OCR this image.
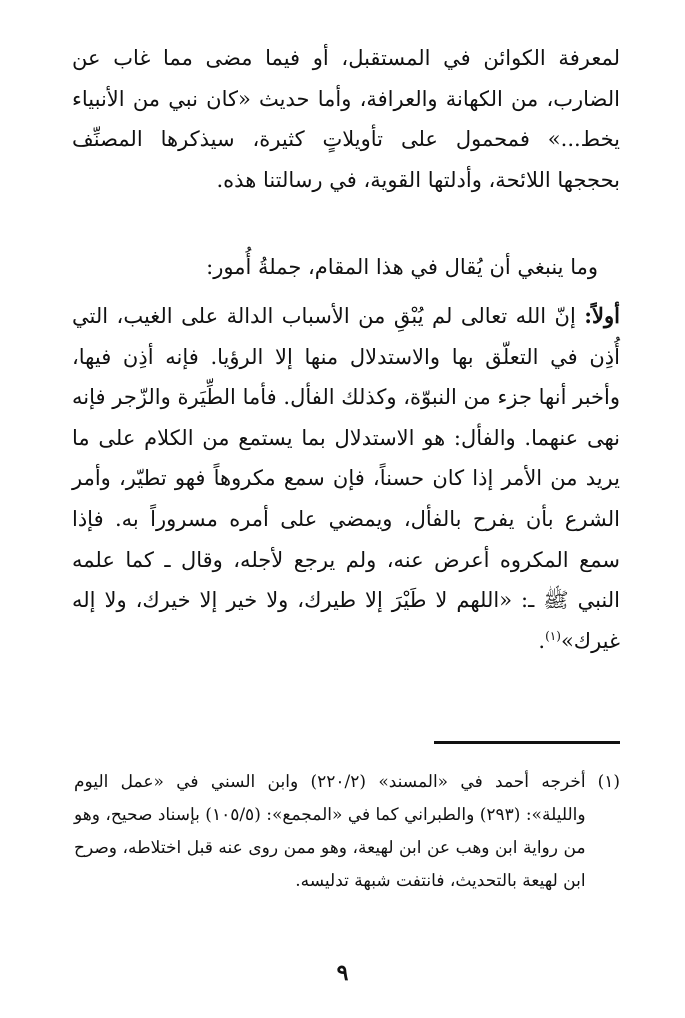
لمعرفة الكوائن في المستقبل، أو فيما مضى مما غاب عن الضارب، من الكهانة والعرافة، وأما حديث «كان نبي من الأنبياء يخط...» فمحمول على تأويلاتٍ كثيرة، سيذكرها المصنِّف بحججها اللائحة، وأدلتها القوية، في رسالتنا هذه.

وما ينبغي أن يُقال في هذا المقام، جملةُ أُمور:

أولاً: إنّ الله تعالى لم يُبْقِ من الأسباب الدالة على الغيب، التي أُذِن في التعلّق بها والاستدلال منها إلا الرؤيا. فإنه أذِن فيها، وأخبر أنها جزء من النبوّة، وكذلك الفأل. فأما الطِّيَرة والزّجر فإنه نهى عنهما. والفأل: هو الاستدلال بما يستمع من الكلام على ما يريد من الأمر إذا كان حسناً، فإن سمع مكروهاً فهو تطيّر، وأمر الشرع بأن يفرح بالفأل، ويمضي على أمره مسروراً به. فإذا سمع المكروه أعرض عنه، ولم يرجع لأجله، وقال ـ كما علمه النبي ﷺ ـ: «اللهم لا طَيْرَ إلا طيرك، ولا خير إلا خيرك، ولا إله غيرك»$^{(١)}$.

(١)
أخرجه أحمد في «المسند» (٢٢٠/٢) وابن السني في «عمل اليوم والليلة»: (٢٩٣) والطبراني كما في «المجمع»: (١٠٥/٥) بإسناد صحيح، وهو من رواية ابن وهب عن ابن لهيعة، وهو ممن روى عنه قبل اختلاطه، وصرح ابن لهيعة بالتحديث، فانتفت شبهة تدليسه.
٩
